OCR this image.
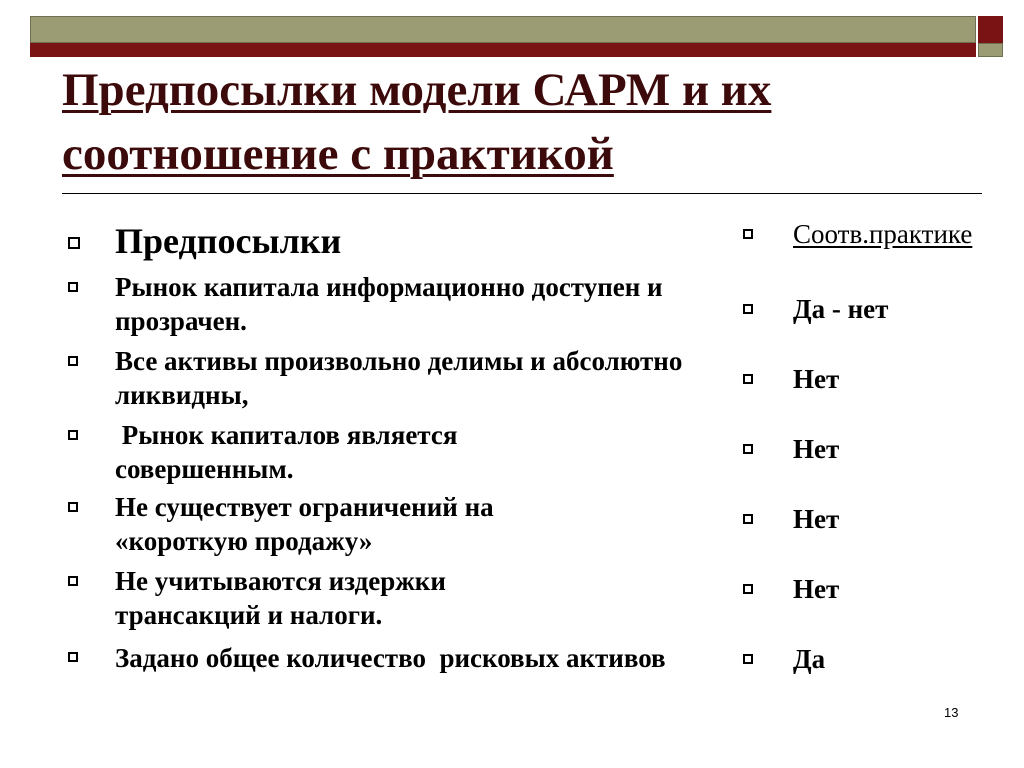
Предпосылки модели САРМ и их соотношение с практикой
Предпосылки
Рынок капитала информационно доступен и прозрачен.
Все активы произвольно делимы и абсолютно ликвидны,
Рынок капиталов является совершенным.
Не существует ограничений на «короткую продажу»
Не учитываются издержки трансакций и налоги.
Задано общее количество  рисковых активов
Соотв.практике
Да - нет
Нет
Нет
Нет
Нет
Да
13
